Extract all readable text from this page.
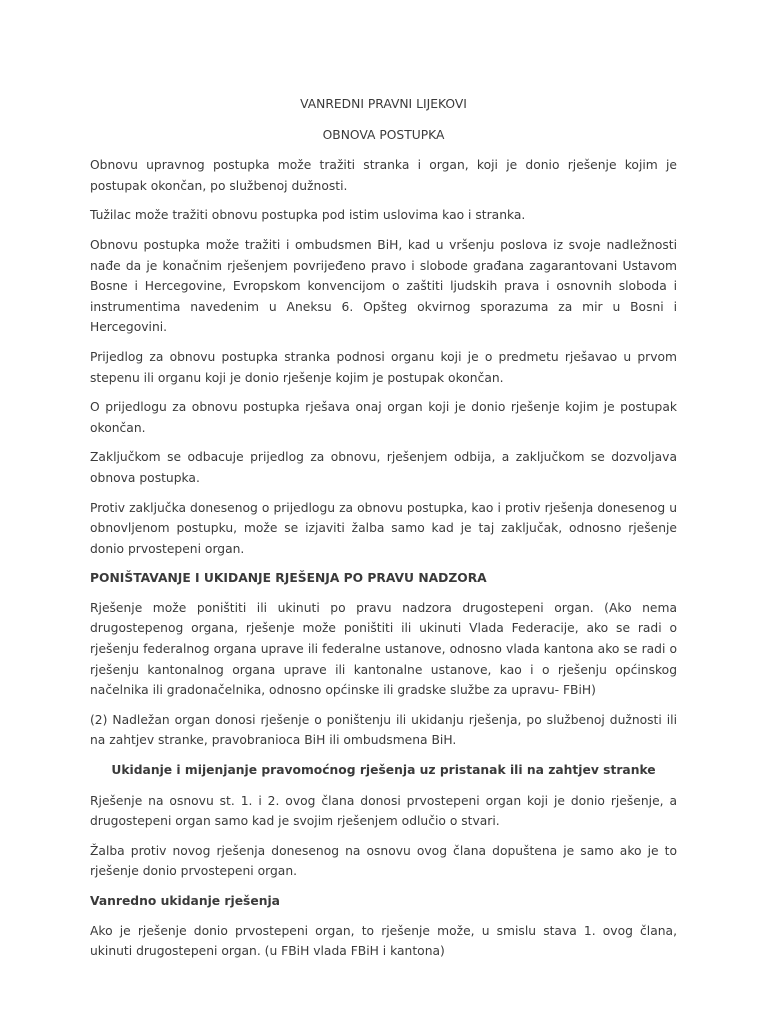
VANREDNI PRAVNI LIJEKOVI

OBNOVA POSTUPKA

Obnovu upravnog postupka može tražiti stranka i organ, koji je donio rješenje kojim je postupak okončan, po službenoj dužnosti.

Tužilac može tražiti obnovu postupka pod istim uslovima kao i stranka.

Obnovu postupka može tražiti i ombudsmen BiH, kad u vršenju poslova iz svoje nadležnosti nađe da je konačnim rješenjem povrijeđeno pravo i slobode građana zagarantovani Ustavom Bosne i Hercegovine, Evropskom konvencijom o zaštiti ljudskih prava i osnovnih sloboda i instrumentima navedenim u Aneksu 6. Opšteg okvirnog sporazuma za mir u Bosni i Hercegovini.

Prijedlog za obnovu postupka stranka podnosi organu koji je o predmetu rješavao u prvom stepenu ili organu koji je donio rješenje kojim je postupak okončan.

O prijedlogu za obnovu postupka rješava onaj organ koji je donio rješenje kojim je postupak okončan.

Zaključkom se odbacuje prijedlog za obnovu, rješenjem odbija, a zaključkom se dozvoljava obnova postupka.

Protiv zaključka donesenog o prijedlogu za obnovu postupka, kao i protiv rješenja donesenog u obnovljenom postupku, može se izjaviti žalba samo kad je taj zaključak, odnosno rješenje donio prvostepeni organ.

PONIŠTAVANJE I UKIDANJE RJEŠENJA PO PRAVU NADZORA

Rješenje može poništiti ili ukinuti po pravu nadzora drugostepeni organ. (Ako nema drugostepenog organa, rješenje može poništiti ili ukinuti Vlada Federacije, ako se radi o rješenju federalnog organa uprave ili federalne ustanove, odnosno vlada kantona ako se radi o rješenju kantonalnog organa uprave ili kantonalne ustanove, kao i o rješenju općinskog načelnika ili gradonačelnika, odnosno općinske ili gradske službe za upravu- FBiH)

(2) Nadležan organ donosi rješenje o poništenju ili ukidanju rješenja, po službenoj dužnosti ili na zahtjev stranke, pravobranioca BiH ili ombudsmena BiH.

Ukidanje i mijenjanje pravomoćnog rješenja uz pristanak ili na zahtjev stranke

Rješenje na osnovu st. 1. i 2. ovog člana donosi prvostepeni organ koji je donio rješenje, a drugostepeni organ samo kad je svojim rješenjem odlučio o stvari.

Žalba protiv novog rješenja donesenog na osnovu ovog člana dopuštena je samo ako je to rješenje donio prvostepeni organ.

Vanredno ukidanje rješenja

Ako je rješenje donio prvostepeni organ, to rješenje može, u smislu stava 1. ovog člana, ukinuti drugostepeni organ. (u FBiH vlada FBiH i kantona)
